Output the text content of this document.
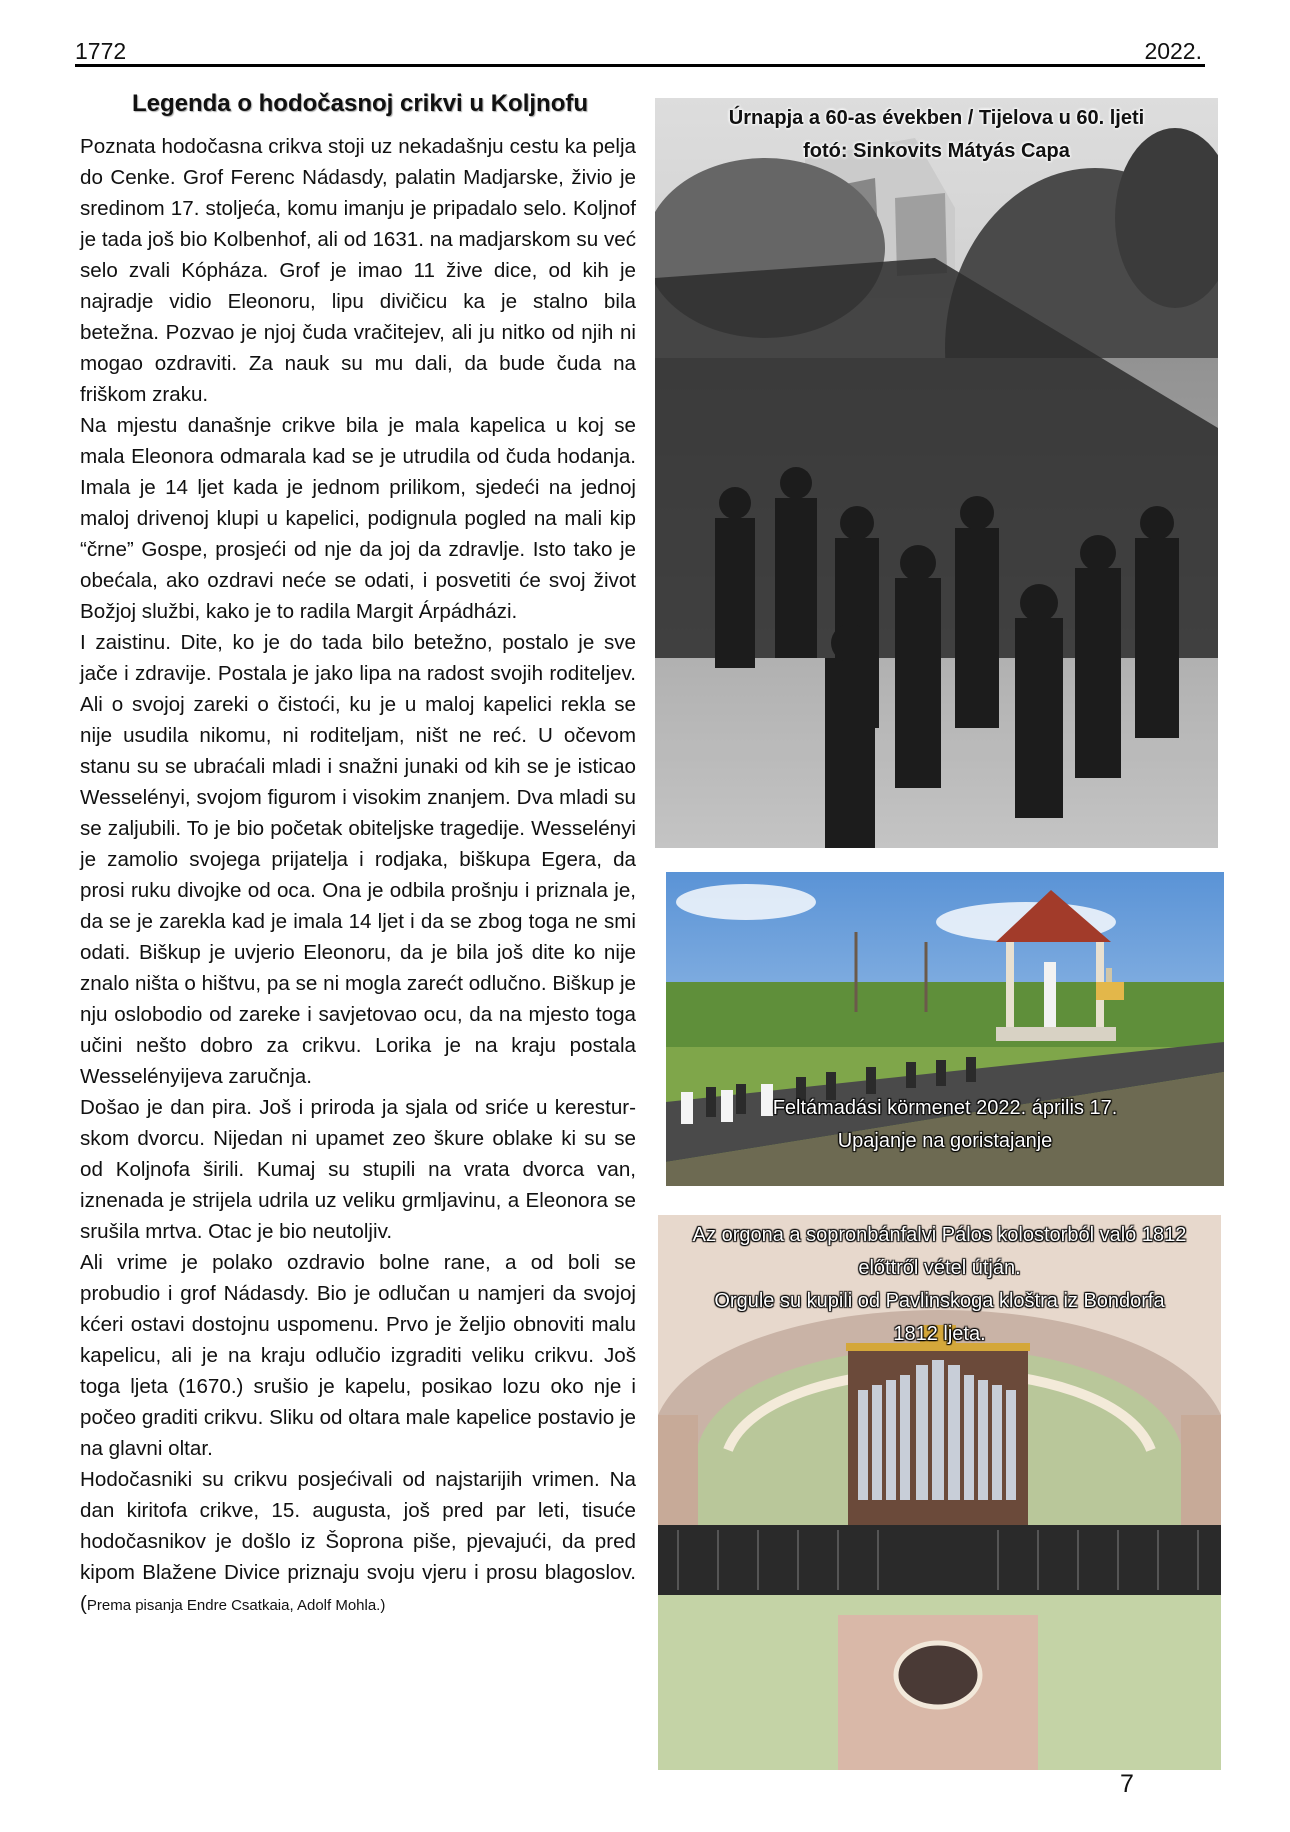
1772	2022.
Legenda o hodočasnoj crikvi u Koljnofu

Poznata hodočasna crikva stoji uz nekadašnju cestu ka pelja do Cenke. Grof Ferenc Nádasdy, palatin Madjarske, živio je sredinom 17. stoljeća, komu imanju je pripadalo selo. Koljnof je tada još bio Kolbenhof, ali od 1631. na madjarskom su već selo zvali Kópháza. Grof je imao 11 žive dice, od kih je najradje vidio Eleonoru, lipu divičicu ka je stalno bila betežna. Pozvao je njoj čuda vračitejev, ali ju nitko od njih ni mogao ozdraviti. Za nauk su mu dali, da bude čuda na friškom zraku.

Na mjestu današnje crikve bila je mala kapelica u koj se mala Eleonora odmarala kad se je utrudila od čuda hodanja. Imala je 14 ljet kada je jednom prilikom, sjedeći na jednoj maloj drivenoj klupi u kapelici, podignula pogled na mali kip “črne” Gospe, prosjeći od nje da joj da zdravlje. Isto tako je obećala, ako ozdravi neće se odati, i posvetiti će svoj život Božjoj službi, kako je to radila Margit Árpádházi.

I zaistinu. Dite, ko je do tada bilo betežno, postalo je sve jače i zdravije. Postala je jako lipa na radost svojih roditeljev. Ali o svojoj zareki o čistoći, ku je u maloj kapelici rekla se nije usudila nikomu, ni roditeljam, ništ ne reć. U očevom stanu su se ubraćali mladi i snažni junaki od kih se je isticao Wesselényi, svojom figurom i visokim znanjem. Dva mladi su se zaljubili. To je bio početak obiteljske tragedije. Wesselényi je zamolio svojega prijatelja i rodjaka, biškupa Egera, da prosi ruku divojke od oca. Ona je odbila prošnju i priznala je, da se je zarekla kad je imala 14 ljet i da se zbog toga ne smi odati. Biškup je uvjerio Eleonoru, da je bila još dite ko nije znalo ništa o hištvu, pa se ni mogla zarećt odlučno. Biškup je nju oslobodio od zareke i savjetovao ocu, da na mjesto toga učini nešto dobro za crikvu. Lorika je na kraju postala Wesselényijeva zaručnja.

Došao je dan pira. Još i priroda ja sjala od sriće u keresturskom dvorcu. Nijedan ni upamet zeo škure oblake ki su se od Koljnofa širili. Kumaj su stupili na vrata dvorca van, iznenada je strijela udrila uz veliku grmljavinu, a Eleonora se srušila mrtva. Otac je bio neutoljiv.

Ali vrime je polako ozdravio bolne rane, a od boli se probudio i grof Nádasdy. Bio je odlučan u namjeri da svojoj kćeri ostavi dostojnu uspomenu. Prvo je željio obnoviti malu kapelicu, ali je na kraju odlučio izgraditi veliku crikvu. Još toga ljeta (1670.) srušio je kapelu, posikao lozu oko nje i počeo graditi crikvu. Sliku od oltara male kapelice postavio je na glavni oltar.

Hodočasniki su crikvu posjećivali od najstarijih vrimen. Na dan kiritofa crikve, 15. augusta, još pred par leti, tisuće hodočasnikov je došlo iz Šoprona piše, pjevajući, da pred kipom Blažene Divice priznaju svoju vjeru i prosu blagoslov. (Prema pisanja Endre Csatkaia, Adolf Mohla.)

Úrnapja a 60-as években / Tijelova u 60. ljeti
fotó: Sinkovits Mátyás Capa
Feltámadási körmenet 2022. április 17.
Upajanje na goristajanje
Az orgona a sopronbánfalvi Pálos kolostorból való 1812
előttről vétel útján.
Orgule su kupili od Pavlinskoga kloštra iz Bondorfa
1812 ljeta.
7
